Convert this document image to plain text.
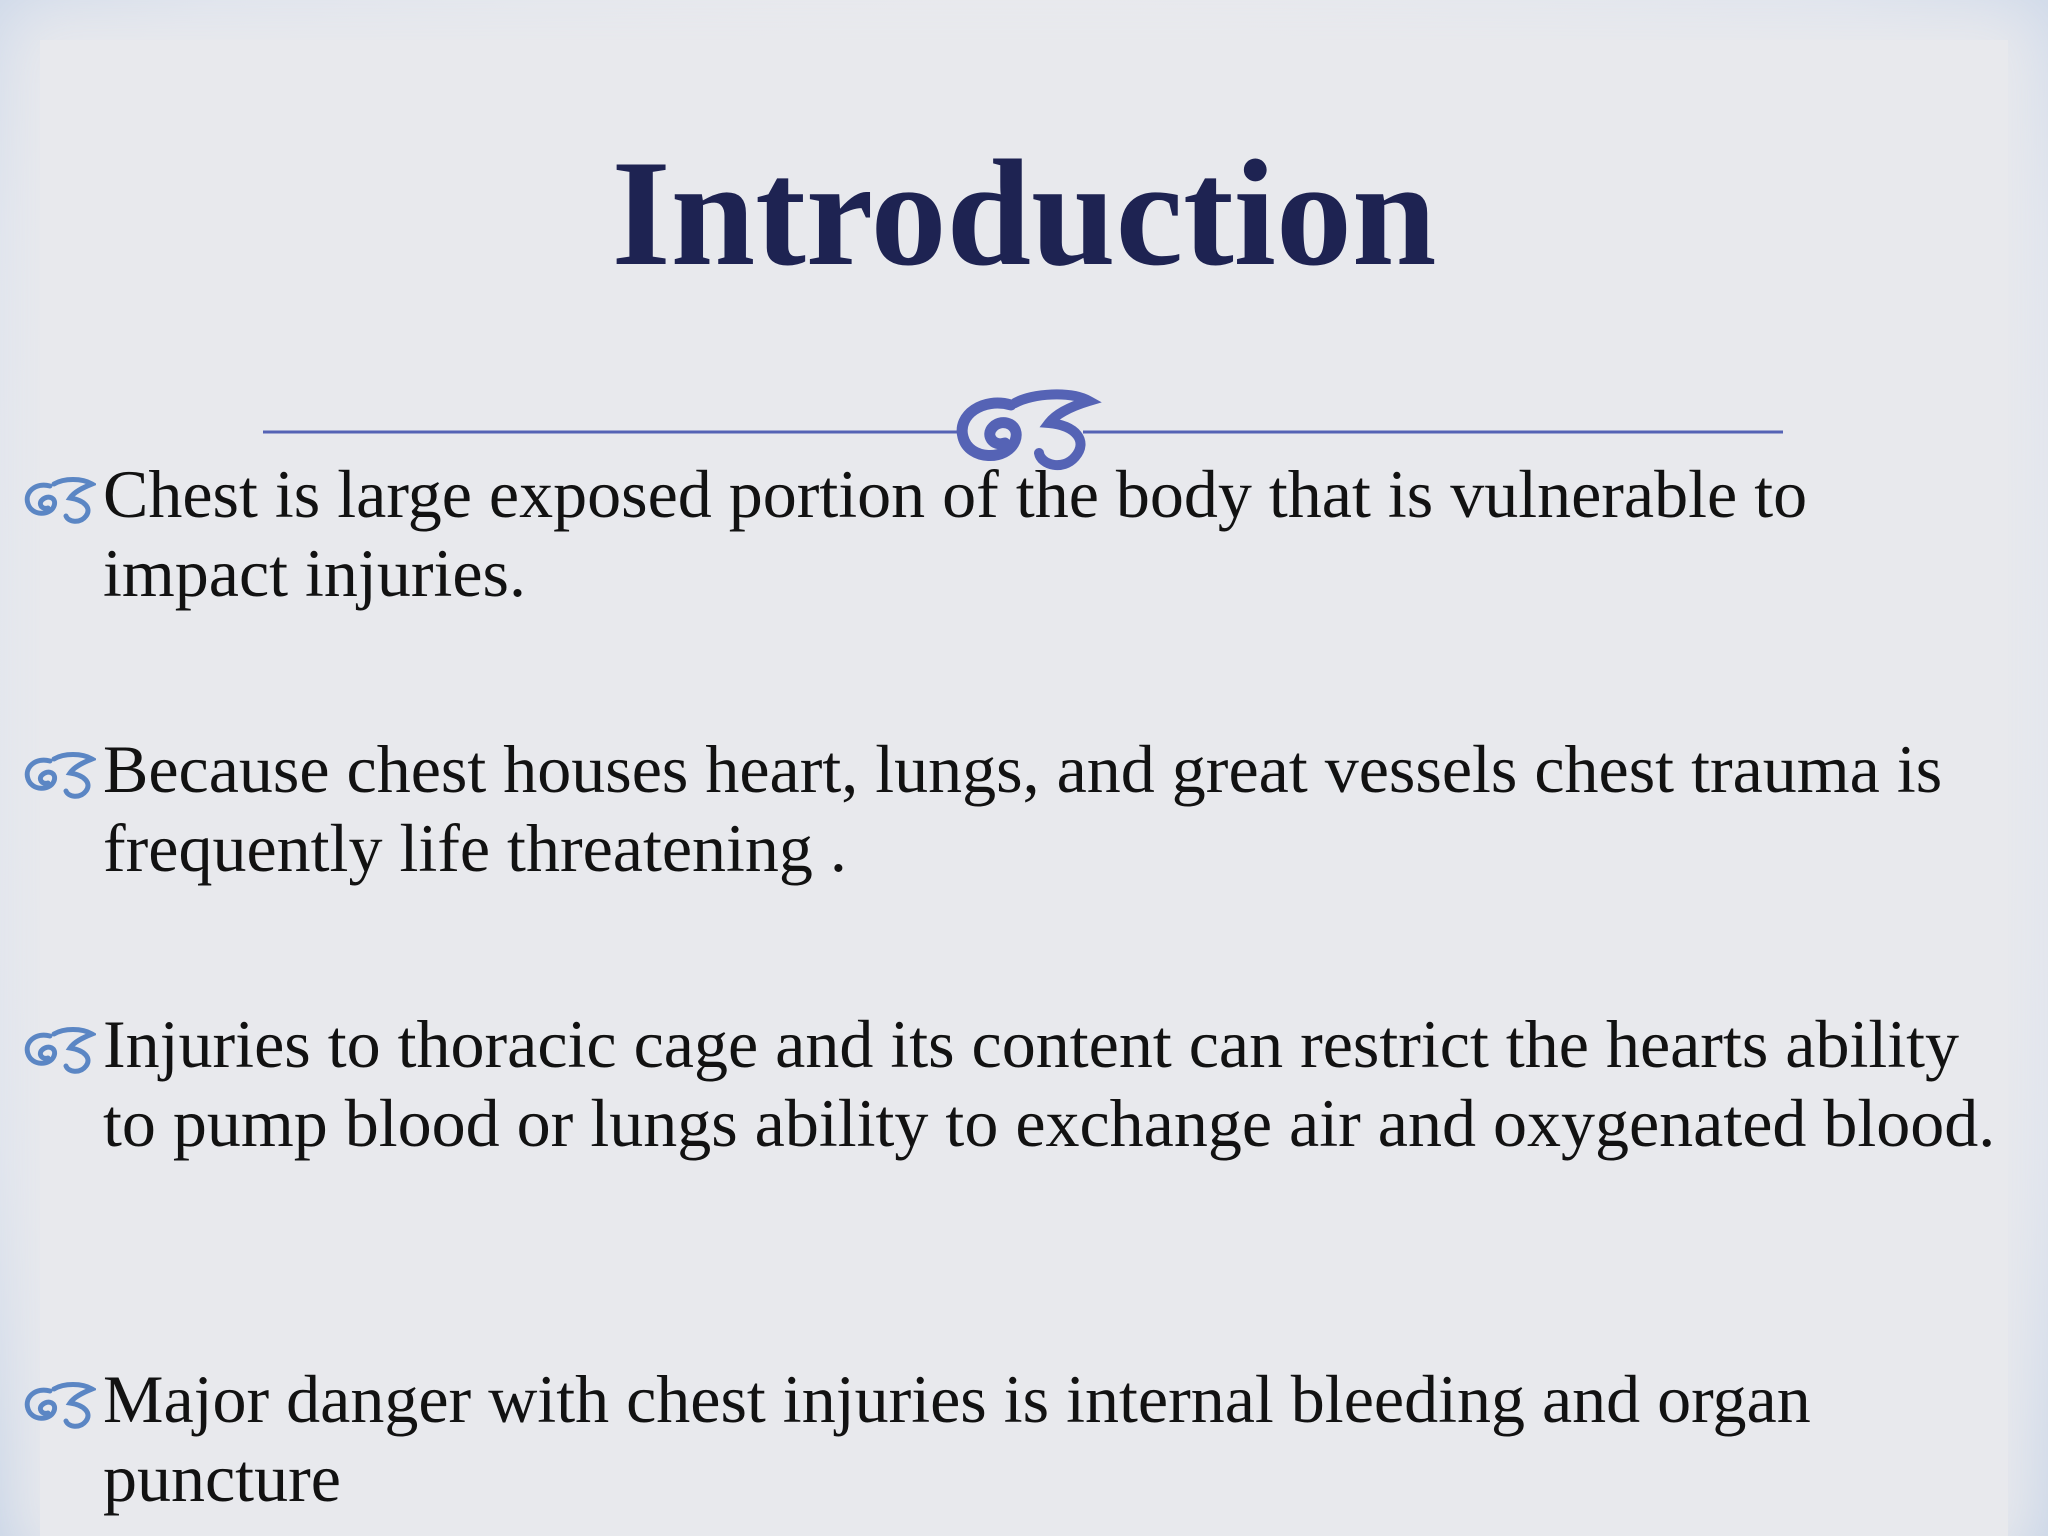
Introduction

Chest is large exposed portion of the body that is vulnerable to impact injuries.

Because chest houses heart, lungs, and great vessels chest trauma is frequently life threatening .

Injuries to thoracic cage and its content can restrict the hearts ability to pump blood or lungs ability to exchange air and oxygenated blood.

Major danger with chest injuries is internal bleeding and organ puncture
